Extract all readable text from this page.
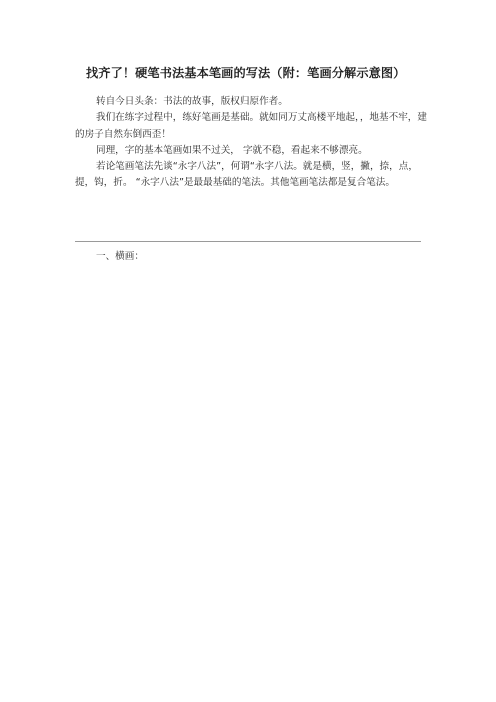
找齐了！硬笔书法基本笔画的写法（附：笔画分解示意图）

转自今日头条：书法的故事，版权归原作者。

我们在练字过程中，练好笔画是基础。就如同万丈高楼平地起，，地基不牢，建的房子自然东倒西歪！

同理，字的基本笔画如果不过关， 字就不稳，看起来不够漂亮。

若论笔画笔法先谈“永字八法”，何谓“永字八法。就是横，竖，撇，捺，点，提，钩，折。 “永字八法”是最最基础的笔法。其他笔画笔法都是复合笔法。

一、横画：
